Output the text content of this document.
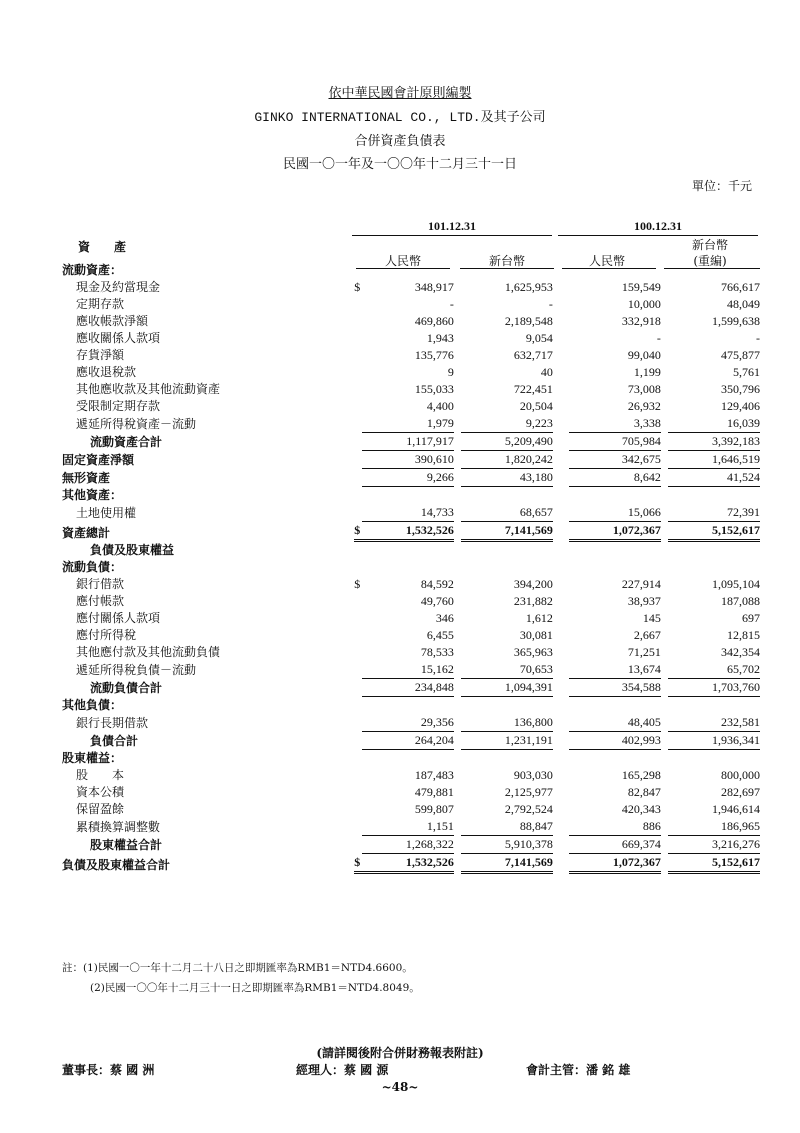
依中華民國會計原則編製
GINKO INTERNATIONAL CO., LTD.及其子公司
合併資產負債表
民國一〇一年及一〇〇年十二月三十一日
單位：千元
101.12.31	100.12.31
資　　產
人民幣	新台幣	人民幣
新台幣
(重編)
流動資產：									
現金及約當現金	$	348,917		1,625,953			159,549		766,617
定期存款		-		-			10,000		48,049
應收帳款淨額		469,860		2,189,548			332,918		1,599,638
應收關係人款項		1,943		9,054			-		-
存貨淨額		135,776		632,717			99,040		475,877
應收退稅款		9		40			1,199		5,761
其他應收款及其他流動資產		155,033		722,451			73,008		350,796
受限制定期存款		4,400		20,504			26,932		129,406
遞延所得稅資產－流動		1,979		9,223			3,338		16,039

流動資產合計		1,117,917		5,209,490			705,984		3,392,183

固定資產淨額		390,610		1,820,242			342,675		1,646,519

無形資產		9,266		43,180			8,642		41,524

其他資產：									
土地使用權		14,733		68,657			15,066		72,391

資產總計	$	1,532,526		7,141,569			1,072,367		5,152,617

負債及股東權益									
流動負債：									
銀行借款	$	84,592		394,200			227,914		1,095,104
應付帳款		49,760		231,882			38,937		187,088
應付關係人款項		346		1,612			145		697
應付所得稅		6,455		30,081			2,667		12,815
其他應付款及其他流動負債		78,533		365,963			71,251		342,354
遞延所得稅負債－流動		15,162		70,653			13,674		65,702

流動負債合計		234,848		1,094,391			354,588		1,703,760

其他負債：									
銀行長期借款		29,356		136,800			48,405		232,581

負債合計		264,204		1,231,191			402,993		1,936,341

股東權益：									
股　　本		187,483		903,030			165,298		800,000
資本公積		479,881		2,125,977			82,847		282,697
保留盈餘		599,807		2,792,524			420,343		1,946,614
累積換算調整數		1,151		88,847			886		186,965

股東權益合計		1,268,322		5,910,378			669,374		3,216,276

負債及股東權益合計	$	1,532,526		7,141,569			1,072,367		5,152,617
註：(1)民國一〇一年十二月二十八日之即期匯率為RMB1＝NTD4.6600。
(2)民國一〇〇年十二月三十一日之即期匯率為RMB1＝NTD4.8049。
(請詳閱後附合併財務報表附註)
董事長：蔡 國 洲	經理人：蔡 國 源	會計主管：潘 銘 雄
~48~
